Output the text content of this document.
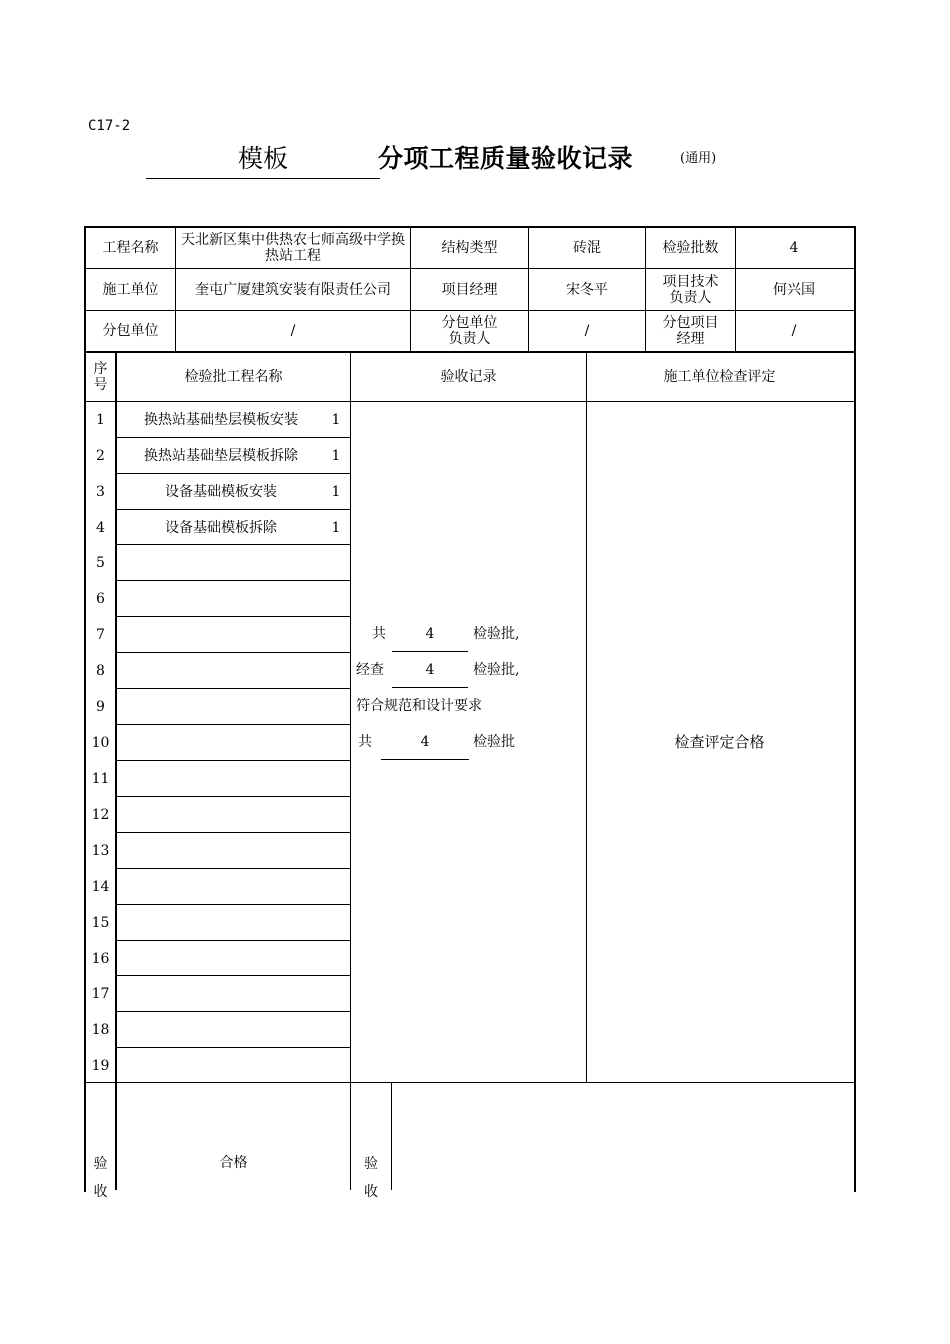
C17-2
模板	分项工程质量验收记录	(通用)
工程名称	天北新区集中供热农七师高级中学换热站工程	结构类型	砖混	检验批数	4
施工单位	奎屯广厦建筑安装有限责任公司	项目经理	宋冬平	项目技术负责人	何兴国
分包单位	/	分包单位负责人	/	分包项目经理	/
序号	检验批工程名称	验收记录	施工单位检查评定
1	换热站基础垫层模板安装	1
2	换热站基础垫层模板拆除	1
3	设备基础模板安装	1
4	设备基础模板拆除	1
5
6
7
8
9
10
11
12
13
14
15
16
17
18
19
共	4	检验批,
经查	4	检验批,
符合规范和设计要求
共	4	检验批	检查评定合格
验收
合格	验收
